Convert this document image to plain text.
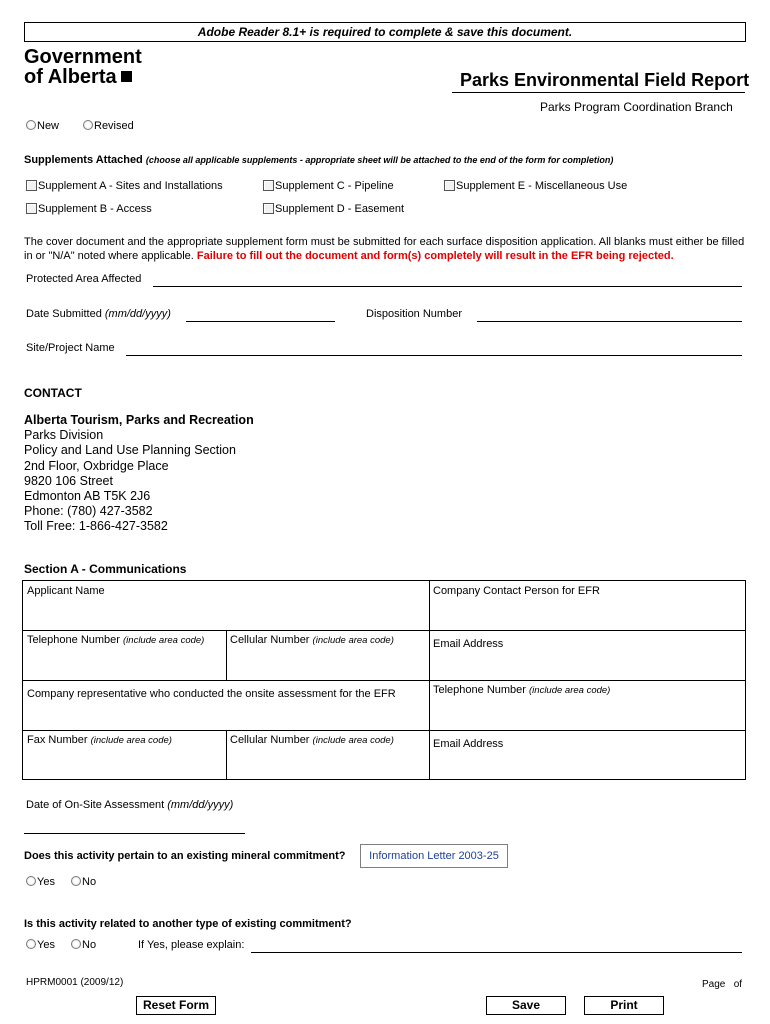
Adobe Reader 8.1+ is required to complete & save this document.
Government
of Alberta	Parks Environmental Field Report
Parks Program Coordination Branch
New	Revised
Supplements Attached (choose all applicable supplements - appropriate sheet will be attached to the end of the form for completion)
Supplement A - Sites and Installations	Supplement C - Pipeline	Supplement E - Miscellaneous Use
Supplement B - Access	Supplement D - Easement
The cover document and the appropriate supplement form must be submitted for each surface disposition application. All blanks must either be filled in or "N/A" noted where applicable. Failure to fill out the document and form(s) completely will result in the EFR being rejected.
Protected Area Affected
Date Submitted (mm/dd/yyyy)	Disposition Number
Site/Project Name
CONTACT
Alberta Tourism, Parks and Recreation
Parks Division
Policy and Land Use Planning Section
2nd Floor, Oxbridge Place
9820 106 Street
Edmonton AB T5K 2J6
Phone: (780) 427-3582
Toll Free: 1-866-427-3582
Section A - Communications
Applicant Name	Company Contact Person for EFR
Telephone Number (include area code)	Cellular Number (include area code)	Email Address
Company representative who conducted the onsite assessment for the EFR	Telephone Number (include area code)
Fax Number (include area code)	Cellular Number (include area code)	Email Address
Date of On-Site Assessment (mm/dd/yyyy)
Does this activity pertain to an existing mineral commitment?	Information Letter 2003-25
Yes	No
Is this activity related to another type of existing commitment?
Yes	No	If Yes, please explain:
HPRM0001 (2009/12)	Page   of
Reset Form	Save	Print
